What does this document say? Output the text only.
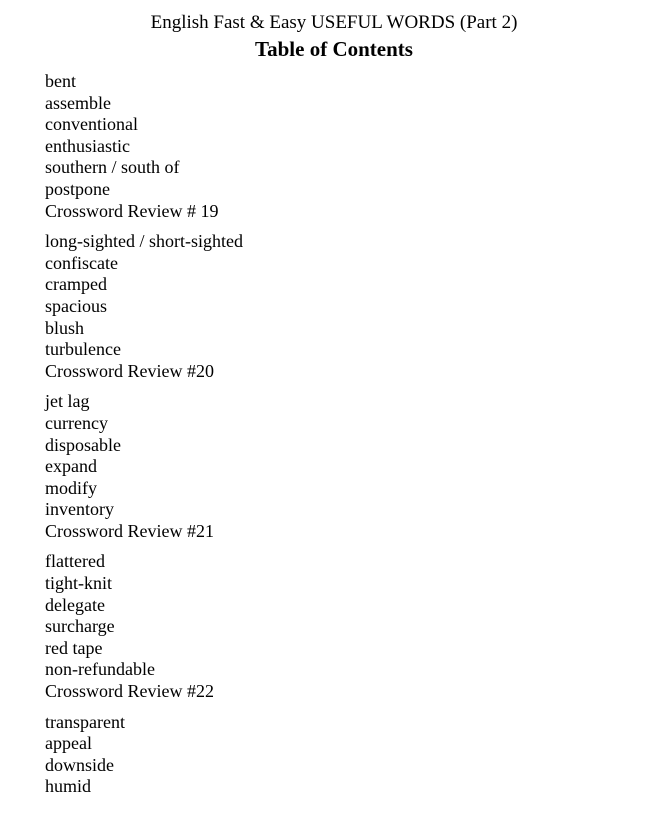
English Fast & Easy USEFUL WORDS (Part 2)
Table of Contents
bent
assemble
conventional
enthusiastic
southern / south of
postpone
Crossword Review # 19
long-sighted / short-sighted
confiscate
cramped
spacious
blush
turbulence
Crossword Review #20
jet lag
currency
disposable
expand
modify
inventory
Crossword Review #21
flattered
tight-knit
delegate
surcharge
red tape
non-refundable
Crossword Review #22
transparent
appeal
downside
humid
